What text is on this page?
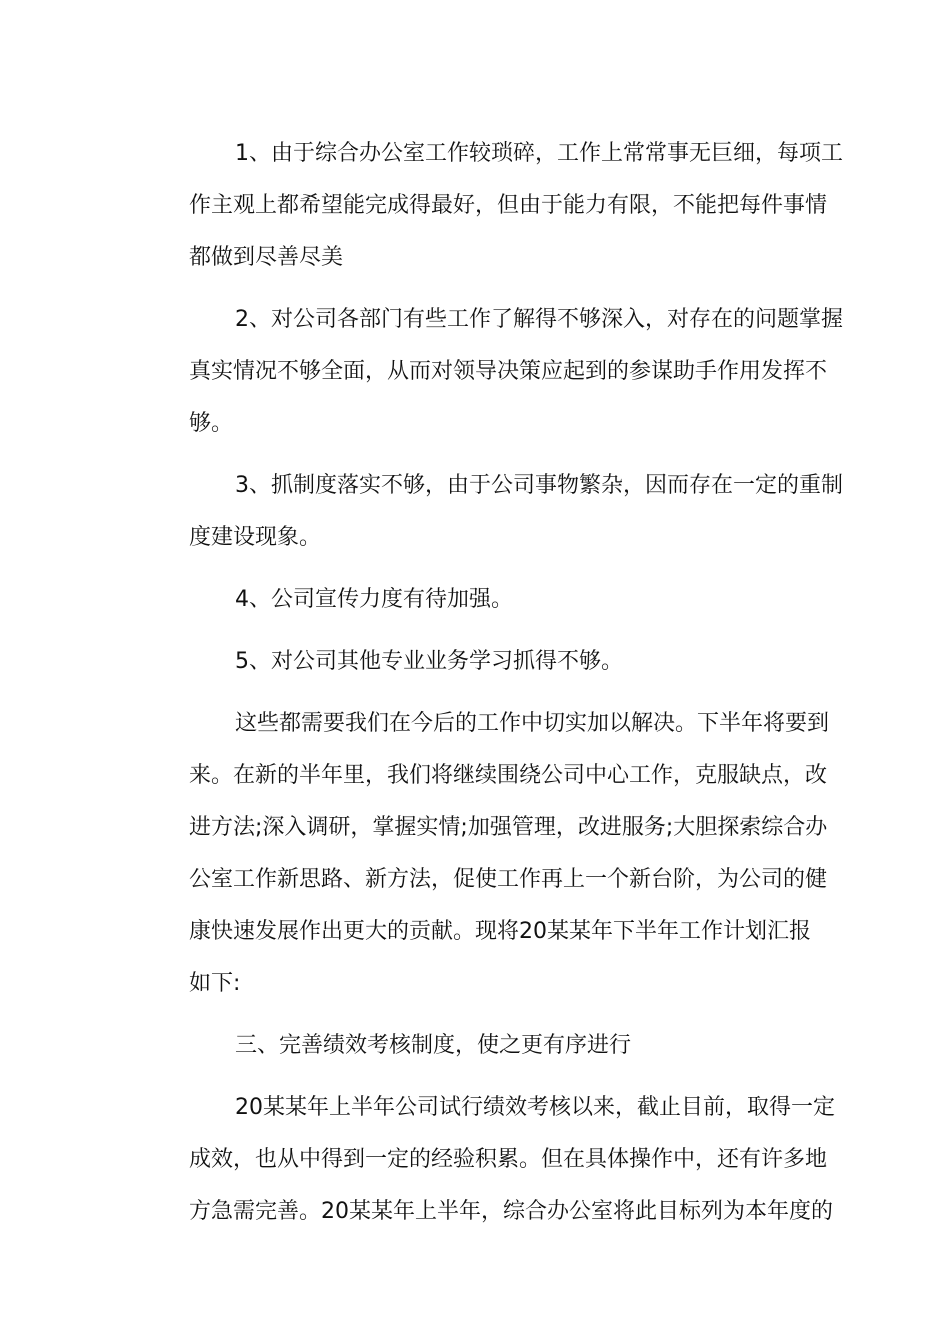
1、由于综合办公室工作较琐碎，工作上常常事无巨细，每项工
作主观上都希望能完成得最好，但由于能力有限，不能把每件事情
都做到尽善尽美
2、对公司各部门有些工作了解得不够深入，对存在的问题掌握
真实情况不够全面，从而对领导决策应起到的参谋助手作用发挥不
够。
3、抓制度落实不够，由于公司事物繁杂，因而存在一定的重制
度建设现象。
4、公司宣传力度有待加强。
5、对公司其他专业业务学习抓得不够。
这些都需要我们在今后的工作中切实加以解决。下半年将要到
来。在新的半年里，我们将继续围绕公司中心工作，克服缺点，改
进方法;深入调研，掌握实情;加强管理，改进服务;大胆探索综合办
公室工作新思路、新方法，促使工作再上一个新台阶，为公司的健
康快速发展作出更大的贡献。现将20某某年下半年工作计划汇报
如下:
三、完善绩效考核制度，使之更有序进行
20某某年上半年公司试行绩效考核以来，截止目前，取得一定
成效，也从中得到一定的经验积累。但在具体操作中，还有许多地
方急需完善。20某某年上半年，综合办公室将此目标列为本年度的
